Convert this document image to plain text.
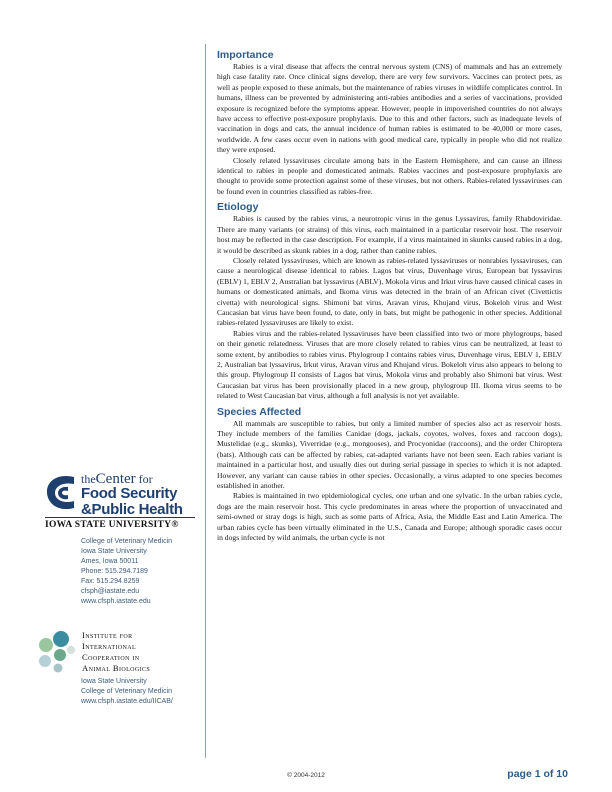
theCenter for
Food Security
&Public Health
IOWA STATE UNIVERSITY®
College of Veterinary Medicin
Iowa State University
Ames, Iowa 50011
Phone: 515.294.7189
Fax: 515.294.8259
cfsph@iastate.edu
www.cfsph.iastate.edu
Institute for
International
Cooperation in
Animal Biologics
Iowa State University
College of Veterinary Medicin
www.cfsph.iastate.edu/IICAB/
Importance

Rabies is a viral disease that affects the central nervous system (CNS) of mammals and has an extremely high case fatality rate. Once clinical signs develop, there are very few survivors. Vaccines can protect pets, as well as people exposed to these animals, but the maintenance of rabies viruses in wildlife complicates control. In humans, illness can be prevented by administering anti-rabies antibodies and a series of vaccinations, provided exposure is recognized before the symptoms appear. However, people in impoverished countries do not always have access to effective post-exposure prophylaxis. Due to this and other factors, such as inadequate levels of vaccination in dogs and cats, the annual incidence of human rabies is estimated to be 40,000 or more cases, worldwide. A few cases occur even in nations with good medical care, typically in people who did not realize they were exposed.

Closely related lyssaviruses circulate among bats in the Eastern Hemisphere, and can cause an illness identical to rabies in people and domesticated animals. Rabies vaccines and post-exposure prophylaxis are thought to provide some protection against some of these viruses, but not others. Rabies-related lyssaviruses can be found even in countries classified as rabies-free.

Etiology

Rabies is caused by the rabies virus, a neurotropic virus in the genus Lyssavirus, family Rhabdoviridae. There are many variants (or strains) of this virus, each maintained in a particular reservoir host. The reservoir host may be reflected in the case description. For example, if a virus maintained in skunks caused rabies in a dog, it would be described as skunk rabies in a dog, rather than canine rabies.

Closely related lyssaviruses, which are known as rabies-related lyssaviruses or nonrabies lyssaviruses, can cause a neurological disease identical to rabies. Lagos bat virus, Duvenhage virus, European bat lyssavirus (EBLV) 1, EBLV 2, Australian bat lyssavirus (ABLV), Mokola virus and Irkut virus have caused clinical cases in humans or domesticated animals, and Ikoma virus was detected in the brain of an African civet (Civettictis civetta) with neurological signs. Shimoni bat virus, Aravan virus, Khujand virus, Bokeloh virus and West Caucasian bat virus have been found, to date, only in bats, but might be pathogenic in other species. Additional rabies-related lyssaviruses are likely to exist.

Rabies virus and the rabies-related lyssaviruses have been classified into two or more phylogroups, based on their genetic relatedness. Viruses that are more closely related to rabies virus can be neutralized, at least to some extent, by antibodies to rabies virus. Phylogroup I contains rabies virus, Duvenhage virus, EBLV 1, EBLV 2, Australian bat lyssavirus, Irkut virus, Aravan virus and Khujand virus. Bokeloh virus also appears to belong to this group. Phylogroup II consists of Lagos bat virus, Mokola virus and probably also Shimoni bat virus. West Caucasian bat virus has been provisionally placed in a new group, phylogroup III. Ikoma virus seems to be related to West Caucasian bat virus, although a full analysis is not yet available.

Species Affected

All mammals are susceptible to rabies, but only a limited number of species also act as reservoir hosts. They include members of the families Canidae (dogs, jackals, coyotes, wolves, foxes and raccoon dogs), Mustelidae (e.g., skunks), Viverridae (e.g., mongooses), and Procyonidae (raccoons), and the order Chiroptera (bats). Although cats can be affected by rabies, cat-adapted variants have not been seen. Each rabies variant is maintained in a particular host, and usually dies out during serial passage in species to which it is not adapted. However, any variant can cause rabies in other species. Occasionally, a virus adapted to one species becomes established in another.

Rabies is maintained in two epidemiological cycles, one urban and one sylvatic. In the urban rabies cycle, dogs are the main reservoir host. This cycle predominates in areas where the proportion of unvaccinated and semi-owned or stray dogs is high, such as some parts of Africa, Asia, the Middle East and Latin America. The urban rabies cycle has been virtually eliminated in the U.S., Canada and Europe; although sporadic cases occur in dogs infected by wild animals, the urban cycle is not

© 2004-2012	page 1 of 10
